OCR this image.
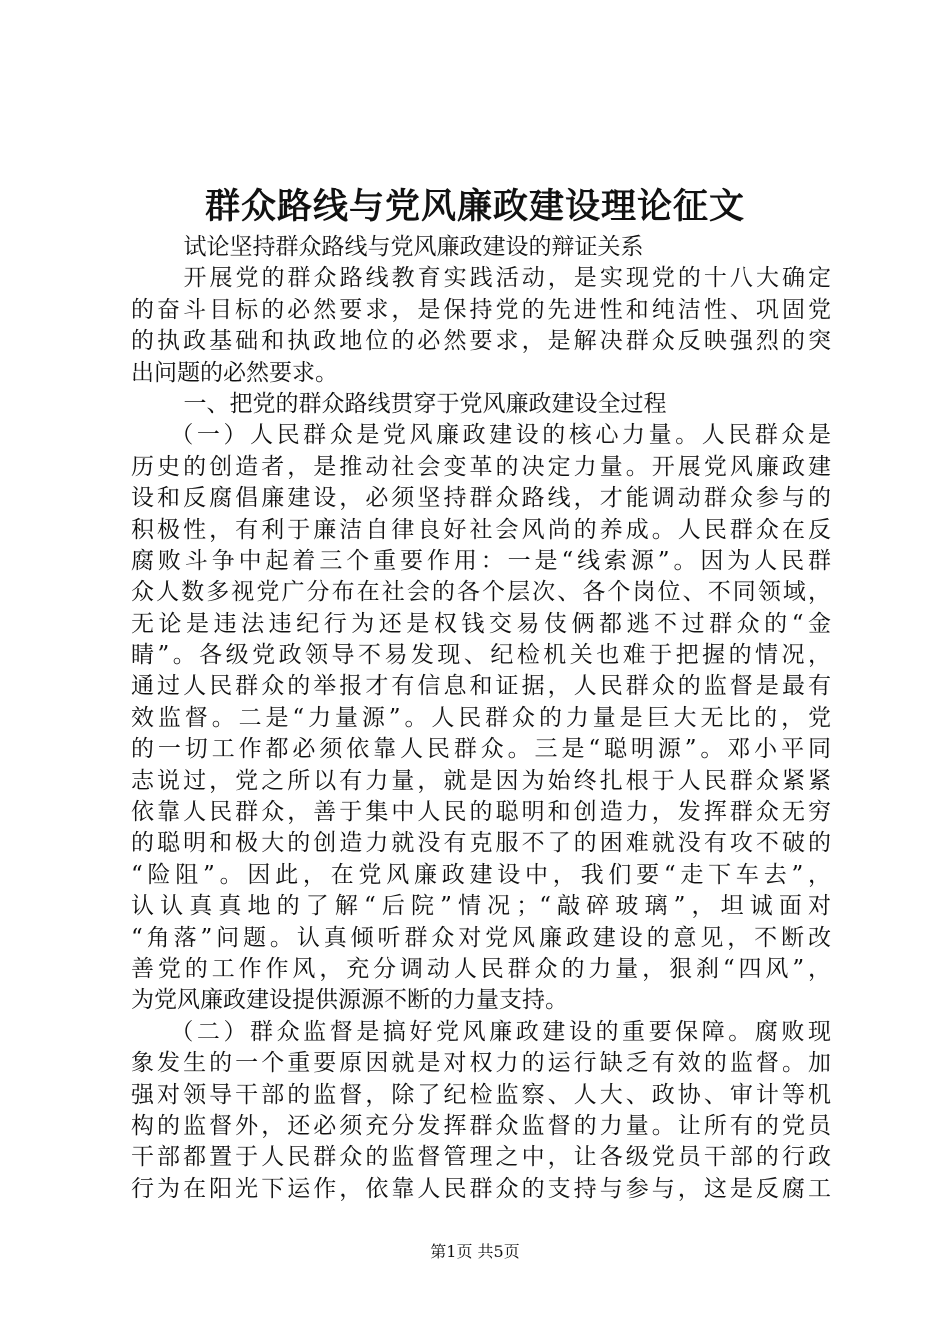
群众路线与党风廉政建设理论征文
试论坚持群众路线与党风廉政建设的辩证关系
开展党的群众路线教育实践活动，是实现党的十八大确定
的奋斗目标的必然要求，是保持党的先进性和纯洁性、巩固党
的执政基础和执政地位的必然要求，是解决群众反映强烈的突
出问题的必然要求。
一、把党的群众路线贯穿于党风廉政建设全过程
（一）人民群众是党风廉政建设的核心力量。人民群众是
历史的创造者，是推动社会变革的决定力量。开展党风廉政建
设和反腐倡廉建设，必须坚持群众路线，才能调动群众参与的
积极性，有利于廉洁自律良好社会风尚的养成。人民群众在反
腐败斗争中起着三个重要作用：一是“线索源”。因为人民群
众人数多视党广分布在社会的各个层次、各个岗位、不同领域，
无论是违法违纪行为还是权钱交易伎俩都逃不过群众的“金
睛”。各级党政领导不易发现、纪检机关也难于把握的情况，
通过人民群众的举报才有信息和证据，人民群众的监督是最有
效监督。二是“力量源”。人民群众的力量是巨大无比的，党
的一切工作都必须依靠人民群众。三是“聪明源”。邓小平同
志说过，党之所以有力量，就是因为始终扎根于人民群众紧紧
依靠人民群众，善于集中人民的聪明和创造力，发挥群众无穷
的聪明和极大的创造力就没有克服不了的困难就没有攻不破的
“险阻”。因此，在党风廉政建设中，我们要“走下车去”，
认认真真地的了解“后院”情况；“敲碎玻璃”，坦诚面对
“角落”问题。认真倾听群众对党风廉政建设的意见，不断改
善党的工作作风，充分调动人民群众的力量，狠刹“四风”，
为党风廉政建设提供源源不断的力量支持。
（二）群众监督是搞好党风廉政建设的重要保障。腐败现
象发生的一个重要原因就是对权力的运行缺乏有效的监督。加
强对领导干部的监督，除了纪检监察、人大、政协、审计等机
构的监督外，还必须充分发挥群众监督的力量。让所有的党员
干部都置于人民群众的监督管理之中，让各级党员干部的行政
行为在阳光下运作，依靠人民群众的支持与参与，这是反腐工
第1页 共5页
